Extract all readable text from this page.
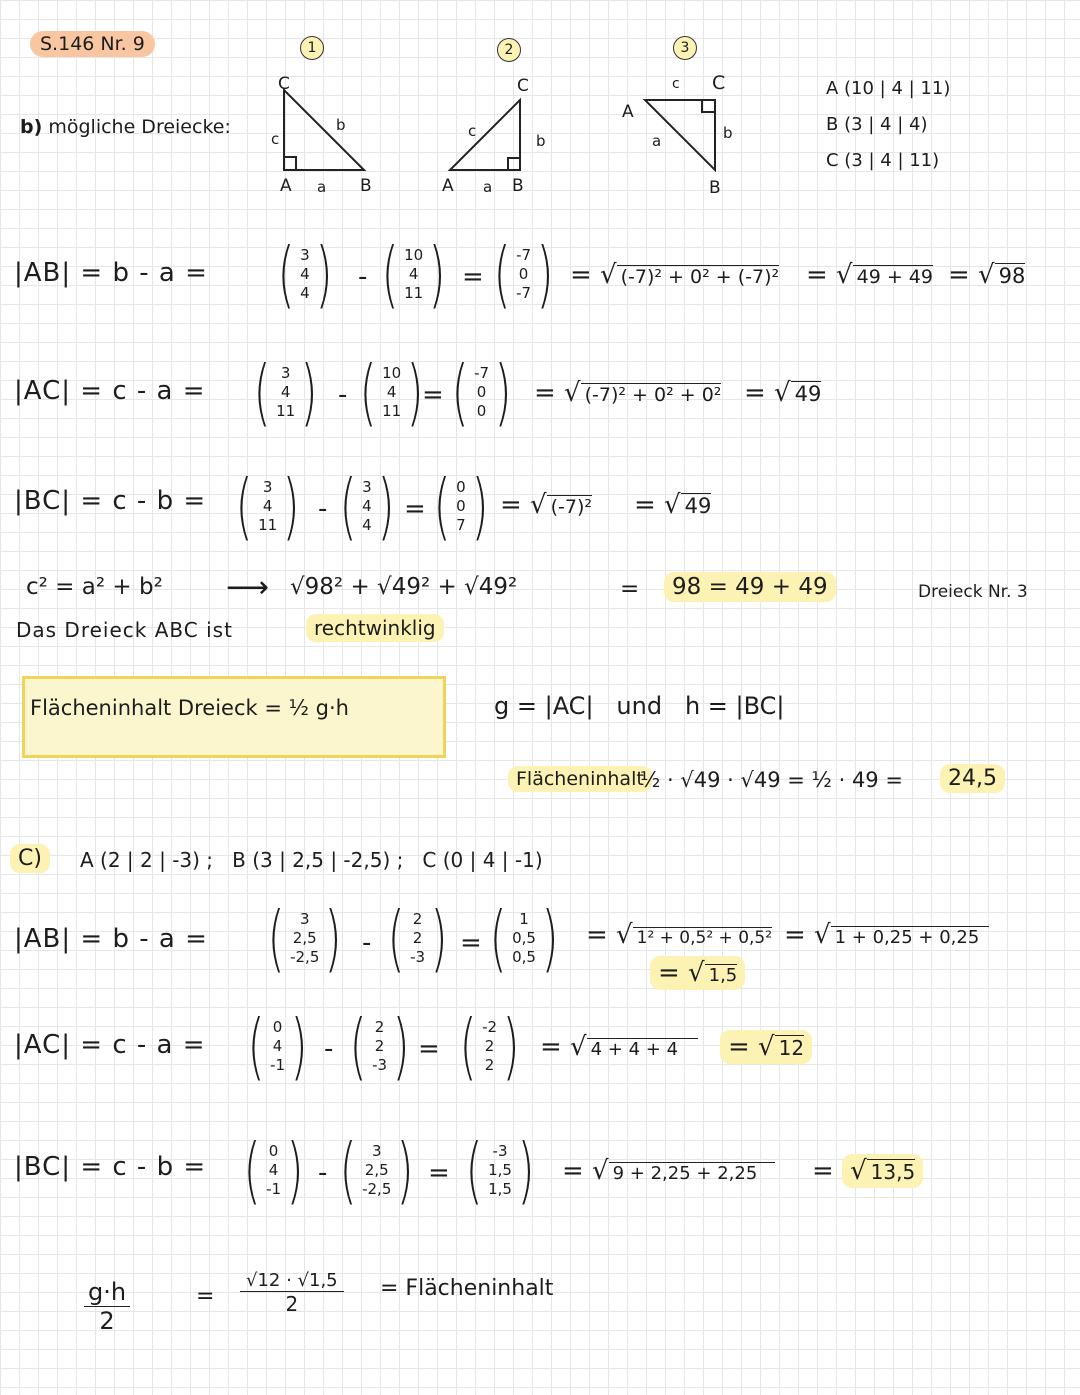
S.146 Nr. 9
b) mögliche Dreiecke:
1
C
c
b
A a B
2
C
c
b
A a B
3
c C
A
a	b
B
A (10 | 4 | 11)
B (3 | 4 | 4)
C (3 | 4 | 11)
|AB| = b - a = ( 3
4
4 ) - ( 10
4
11 ) = ( -7
0
-7 ) = √ (-7)² + 0² + (-7)² = √ 49 + 49 = √ 98
|AC| = c - a = ( 3
4
11 ) - ( 10
4
11 )
= ( -7
0
0 ) = √ (-7)² + 0² + 0² = √ 49
|BC| = c - b = ( 3
4
11 ) - ( 3
4
4 ) = ( 0
0
7 ) = √ (-7)² = √ 49
c² = a² + b² ⟶ √98² + √49² + √49²	=	98 = 49 + 49	Dreieck Nr. 3
Das Dreieck ABC ist	rechtwinklig
Flächeninhalt Dreieck = ½ g·h	g = |AC|   und   h = |BC|
Flächeninhalt
½ · √49 · √49 = ½ · 49 =	24,5
C)	A (2 | 2 | -3) ;   B (3 | 2,5 | -2,5) ;   C (0 | 4 | -1)
|AB| = b - a = ( 3
2,5
-2,5 ) - ( 2
2
-3 ) = ( 1
0,5
0,5 ) = √ 1² + 0,5² + 0,5² = √ 1 + 0,25 + 0,25
= √ 1,5
|AC| = c - a = ( 0
4
-1 ) - ( 2
2
-3 ) = ( -2
2
2 ) = √ 4 + 4 + 4	= √ 12
|BC| = c - b = ( 0
4
-1 ) - ( 3
2,5
-2,5 ) = ( -3
1,5
1,5 ) = √ 9 + 2,25 + 2,25	= √ 13,5
$\frac{g\cdot h}{2}$	= $\frac{√12 \cdot √1,5}{2}$ = Flächeninhalt
